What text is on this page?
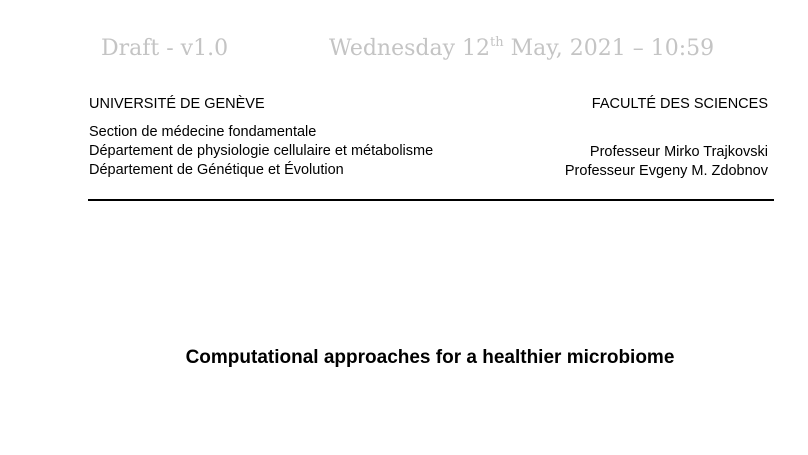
Draft - v1.0	Wednesday 12th May, 2021 – 10:59
UNIVERSITÉ DE GENÈVE	FACULTÉ DES SCIENCES
Section de médecine fondamentale
Département de physiologie cellulaire et métabolisme
Département de Génétique et Évolution
Professeur Mirko Trajkovski
Professeur Evgeny M. Zdobnov
Computational approaches for a healthier microbiome
